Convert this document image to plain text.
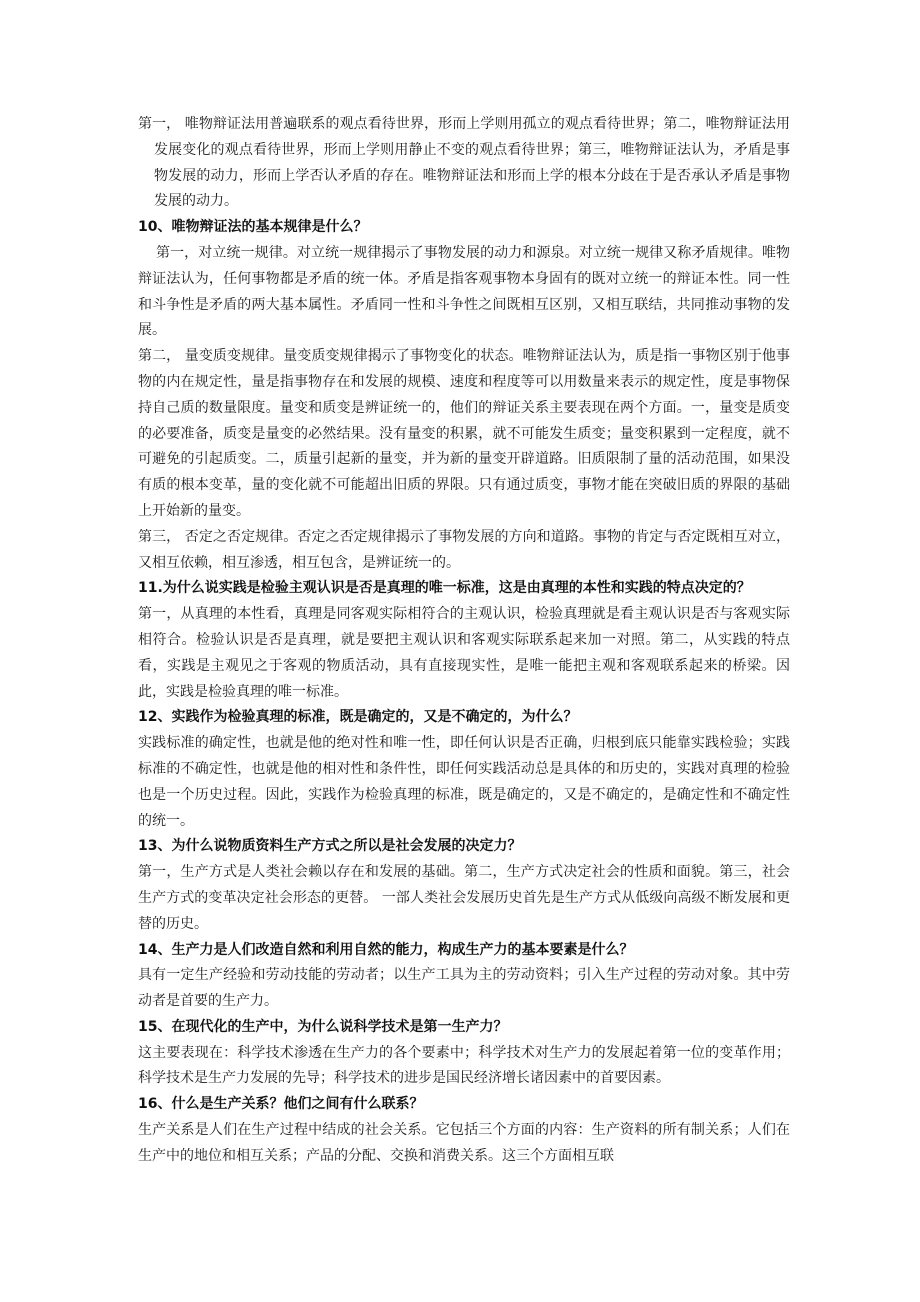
第一， 唯物辩证法用普遍联系的观点看待世界，形而上学则用孤立的观点看待世界；第二，唯物辩证法用发展变化的观点看待世界，形而上学则用静止不变的观点看待世界；第三，唯物辩证法认为，矛盾是事物发展的动力，形而上学否认矛盾的存在。唯物辩证法和形而上学的根本分歧在于是否承认矛盾是事物发展的动力。

10、唯物辩证法的基本规律是什么？

第一，对立统一规律。对立统一规律揭示了事物发展的动力和源泉。对立统一规律又称矛盾规律。唯物辩证法认为，任何事物都是矛盾的统一体。矛盾是指客观事物本身固有的既对立统一的辩证本性。同一性和斗争性是矛盾的两大基本属性。矛盾同一性和斗争性之间既相互区别，又相互联结，共同推动事物的发展。

第二， 量变质变规律。量变质变规律揭示了事物变化的状态。唯物辩证法认为，质是指一事物区别于他事物的内在规定性，量是指事物存在和发展的规模、速度和程度等可以用数量来表示的规定性，度是事物保持自己质的数量限度。量变和质变是辨证统一的，他们的辩证关系主要表现在两个方面。一，量变是质变的必要准备，质变是量变的必然结果。没有量变的积累，就不可能发生质变；量变积累到一定程度，就不可避免的引起质变。二，质量引起新的量变，并为新的量变开辟道路。旧质限制了量的活动范围，如果没有质的根本变革，量的变化就不可能超出旧质的界限。只有通过质变，事物才能在突破旧质的界限的基础上开始新的量变。

第三， 否定之否定规律。否定之否定规律揭示了事物发展的方向和道路。事物的肯定与否定既相互对立，又相互依赖，相互渗透，相互包含，是辨证统一的。

11.为什么说实践是检验主观认识是否是真理的唯一标准，这是由真理的本性和实践的特点决定的？

第一，从真理的本性看，真理是同客观实际相符合的主观认识，检验真理就是看主观认识是否与客观实际相符合。检验认识是否是真理，就是要把主观认识和客观实际联系起来加一对照。第二，从实践的特点看，实践是主观见之于客观的物质活动，具有直接现实性，是唯一能把主观和客观联系起来的桥梁。因此，实践是检验真理的唯一标准。

12、实践作为检验真理的标准，既是确定的，又是不确定的，为什么？

实践标准的确定性，也就是他的绝对性和唯一性，即任何认识是否正确，归根到底只能靠实践检验；实践标准的不确定性，也就是他的相对性和条件性，即任何实践活动总是具体的和历史的，实践对真理的检验也是一个历史过程。因此，实践作为检验真理的标准，既是确定的，又是不确定的，是确定性和不确定性的统一。

13、为什么说物质资料生产方式之所以是社会发展的决定力？

第一，生产方式是人类社会赖以存在和发展的基础。第二，生产方式决定社会的性质和面貌。第三，社会生产方式的变革决定社会形态的更替。 一部人类社会发展历史首先是生产方式从低级向高级不断发展和更替的历史。

14、生产力是人们改造自然和利用自然的能力，构成生产力的基本要素是什么？

具有一定生产经验和劳动技能的劳动者；以生产工具为主的劳动资料；引入生产过程的劳动对象。其中劳动者是首要的生产力。

15、在现代化的生产中，为什么说科学技术是第一生产力？

这主要表现在：科学技术渗透在生产力的各个要素中；科学技术对生产力的发展起着第一位的变革作用；科学技术是生产力发展的先导；科学技术的进步是国民经济增长诸因素中的首要因素。

16、什么是生产关系？他们之间有什么联系？

生产关系是人们在生产过程中结成的社会关系。它包括三个方面的内容：生产资料的所有制关系；人们在生产中的地位和相互关系；产品的分配、交换和消费关系。这三个方面相互联
